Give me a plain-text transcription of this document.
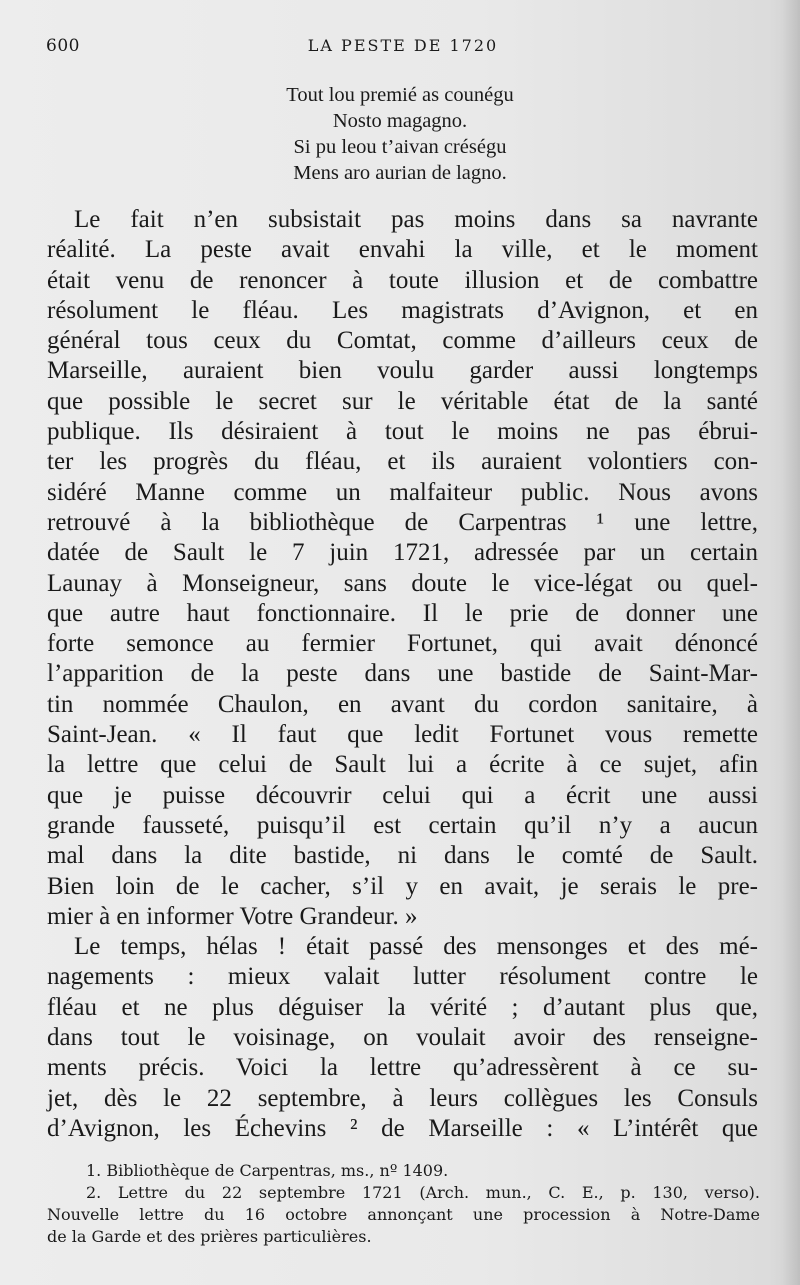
600	LA PESTE DE 1720
Tout lou premié as counégu
Nosto magagno.
Si pu leou t’aivan créségu
Mens aro aurian de lagno.
Le fait n’en subsistait pas moins dans sa navrante
réalité. La peste avait envahi la ville, et le moment
était venu de renoncer à toute illusion et de combattre
résolument le fléau. Les magistrats d’Avignon, et en
général tous ceux du Comtat, comme d’ailleurs ceux de
Marseille, auraient bien voulu garder aussi longtemps
que possible le secret sur le véritable état de la santé
publique. Ils désiraient à tout le moins ne pas ébrui-
ter les progrès du fléau, et ils auraient volontiers con-
sidéré Manne comme un malfaiteur public. Nous avons
retrouvé à la bibliothèque de Carpentras ¹ une lettre,
datée de Sault le 7 juin 1721, adressée par un certain
Launay à Monseigneur, sans doute le vice-légat ou quel-
que autre haut fonctionnaire. Il le prie de donner une
forte semonce au fermier Fortunet, qui avait dénoncé
l’apparition de la peste dans une bastide de Saint-Mar-
tin nommée Chaulon, en avant du cordon sanitaire, à
Saint-Jean. « Il faut que ledit Fortunet vous remette
la lettre que celui de Sault lui a écrite à ce sujet, afin
que je puisse découvrir celui qui a écrit une aussi
grande fausseté, puisqu’il est certain qu’il n’y a aucun
mal dans la dite bastide, ni dans le comté de Sault.
Bien loin de le cacher, s’il y en avait, je serais le pre-
mier à en informer Votre Grandeur. »
Le temps, hélas ! était passé des mensonges et des mé-
nagements : mieux valait lutter résolument contre le
fléau et ne plus déguiser la vérité ; d’autant plus que,
dans tout le voisinage, on voulait avoir des renseigne-
ments précis. Voici la lettre qu’adressèrent à ce su-
jet, dès le 22 septembre, à leurs collègues les Consuls
d’Avignon, les Échevins ² de Marseille : « L’intérêt que
1. Bibliothèque de Carpentras, ms., nº 1409.
2. Lettre du 22 septembre 1721 (Arch. mun., C. E., p. 130, verso).
Nouvelle lettre du 16 octobre annonçant une procession à Notre-Dame
de la Garde et des prières particulières.
